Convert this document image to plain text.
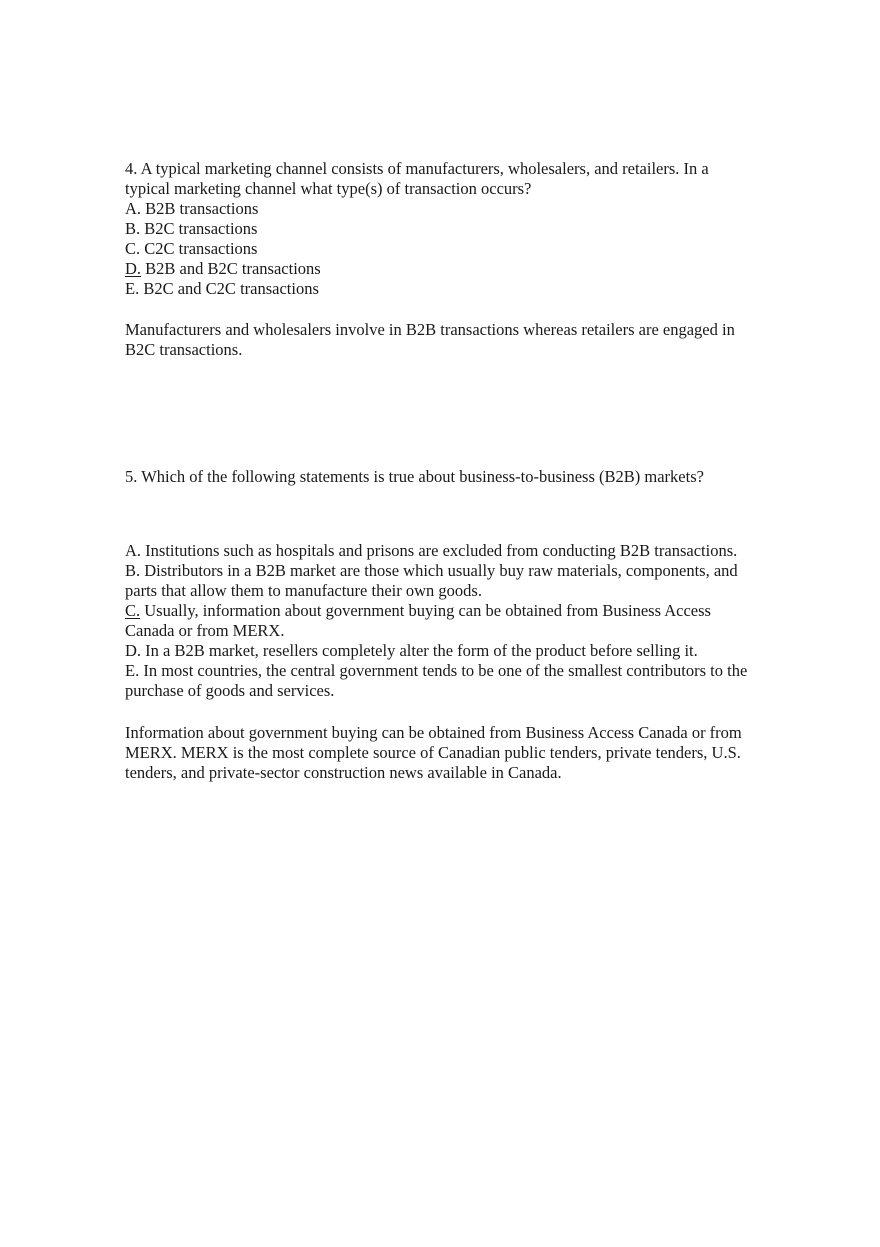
4. A typical marketing channel consists of manufacturers, wholesalers, and retailers. In a
typical marketing channel what type(s) of transaction occurs?
A. B2B transactions
B. B2C transactions
C. C2C transactions
D. B2B and B2C transactions
E. B2C and C2C transactions
Manufacturers and wholesalers involve in B2B transactions whereas retailers are engaged in
B2C transactions.
5. Which of the following statements is true about business-to-business (B2B) markets?
A. Institutions such as hospitals and prisons are excluded from conducting B2B transactions.
B. Distributors in a B2B market are those which usually buy raw materials, components, and
parts that allow them to manufacture their own goods.
C. Usually, information about government buying can be obtained from Business Access
Canada or from MERX.
D. In a B2B market, resellers completely alter the form of the product before selling it.
E. In most countries, the central government tends to be one of the smallest contributors to the
purchase of goods and services.
Information about government buying can be obtained from Business Access Canada or from
MERX. MERX is the most complete source of Canadian public tenders, private tenders, U.S.
tenders, and private-sector construction news available in Canada.
